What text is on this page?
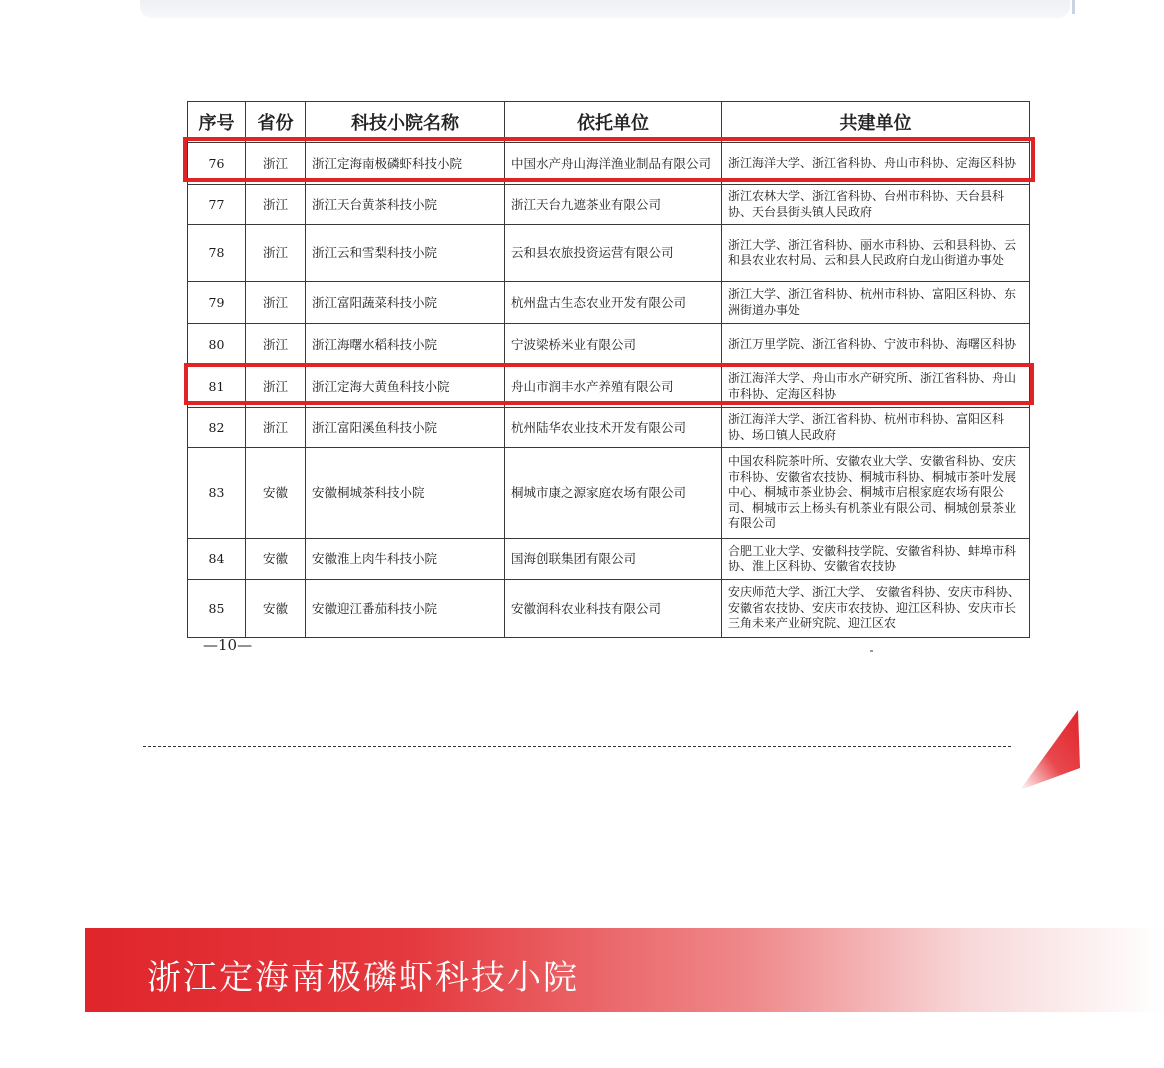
序号	省份	科技小院名称	依托单位	共建单位
76	浙江	浙江定海南极磷虾科技小院	中国水产舟山海洋渔业制品有限公司	浙江海洋大学、浙江省科协、舟山市科协、定海区科协
77	浙江	浙江天台黄茶科技小院	浙江天台九遮茶业有限公司	浙江农林大学、浙江省科协、台州市科协、天台县科协、天台县街头镇人民政府
78	浙江	浙江云和雪梨科技小院	云和县农旅投资运营有限公司	浙江大学、浙江省科协、丽水市科协、云和县科协、云和县农业农村局、云和县人民政府白龙山街道办事处
79	浙江	浙江富阳蔬菜科技小院	杭州盘古生态农业开发有限公司	浙江大学、浙江省科协、杭州市科协、富阳区科协、东洲街道办事处
80	浙江	浙江海曙水稻科技小院	宁波梁桥米业有限公司	浙江万里学院、浙江省科协、宁波市科协、海曙区科协
81	浙江	浙江定海大黄鱼科技小院	舟山市润丰水产养殖有限公司	浙江海洋大学、舟山市水产研究所、浙江省科协、舟山市科协、定海区科协
82	浙江	浙江富阳溪鱼科技小院	杭州陆华农业技术开发有限公司	浙江海洋大学、浙江省科协、杭州市科协、富阳区科协、场口镇人民政府
83	安徽	安徽桐城茶科技小院	桐城市康之源家庭农场有限公司	中国农科院茶叶所、安徽农业大学、安徽省科协、安庆市科协、安徽省农技协、桐城市科协、桐城市茶叶发展中心、桐城市茶业协会、桐城市启根家庭农场有限公司、桐城市云上杨头有机茶业有限公司、桐城创景茶业有限公司
84	安徽	安徽淮上肉牛科技小院	国海创联集团有限公司	合肥工业大学、安徽科技学院、安徽省科协、蚌埠市科协、淮上区科协、安徽省农技协
85	安徽	安徽迎江番茄科技小院	安徽润科农业科技有限公司	安庆师范大学、浙江大学、 安徽省科协、安庆市科协、安徽省农技协、安庆市农技协、迎江区科协、安庆市长三角未来产业研究院、迎江区农
—10—
浙江定海南极磷虾科技小院
